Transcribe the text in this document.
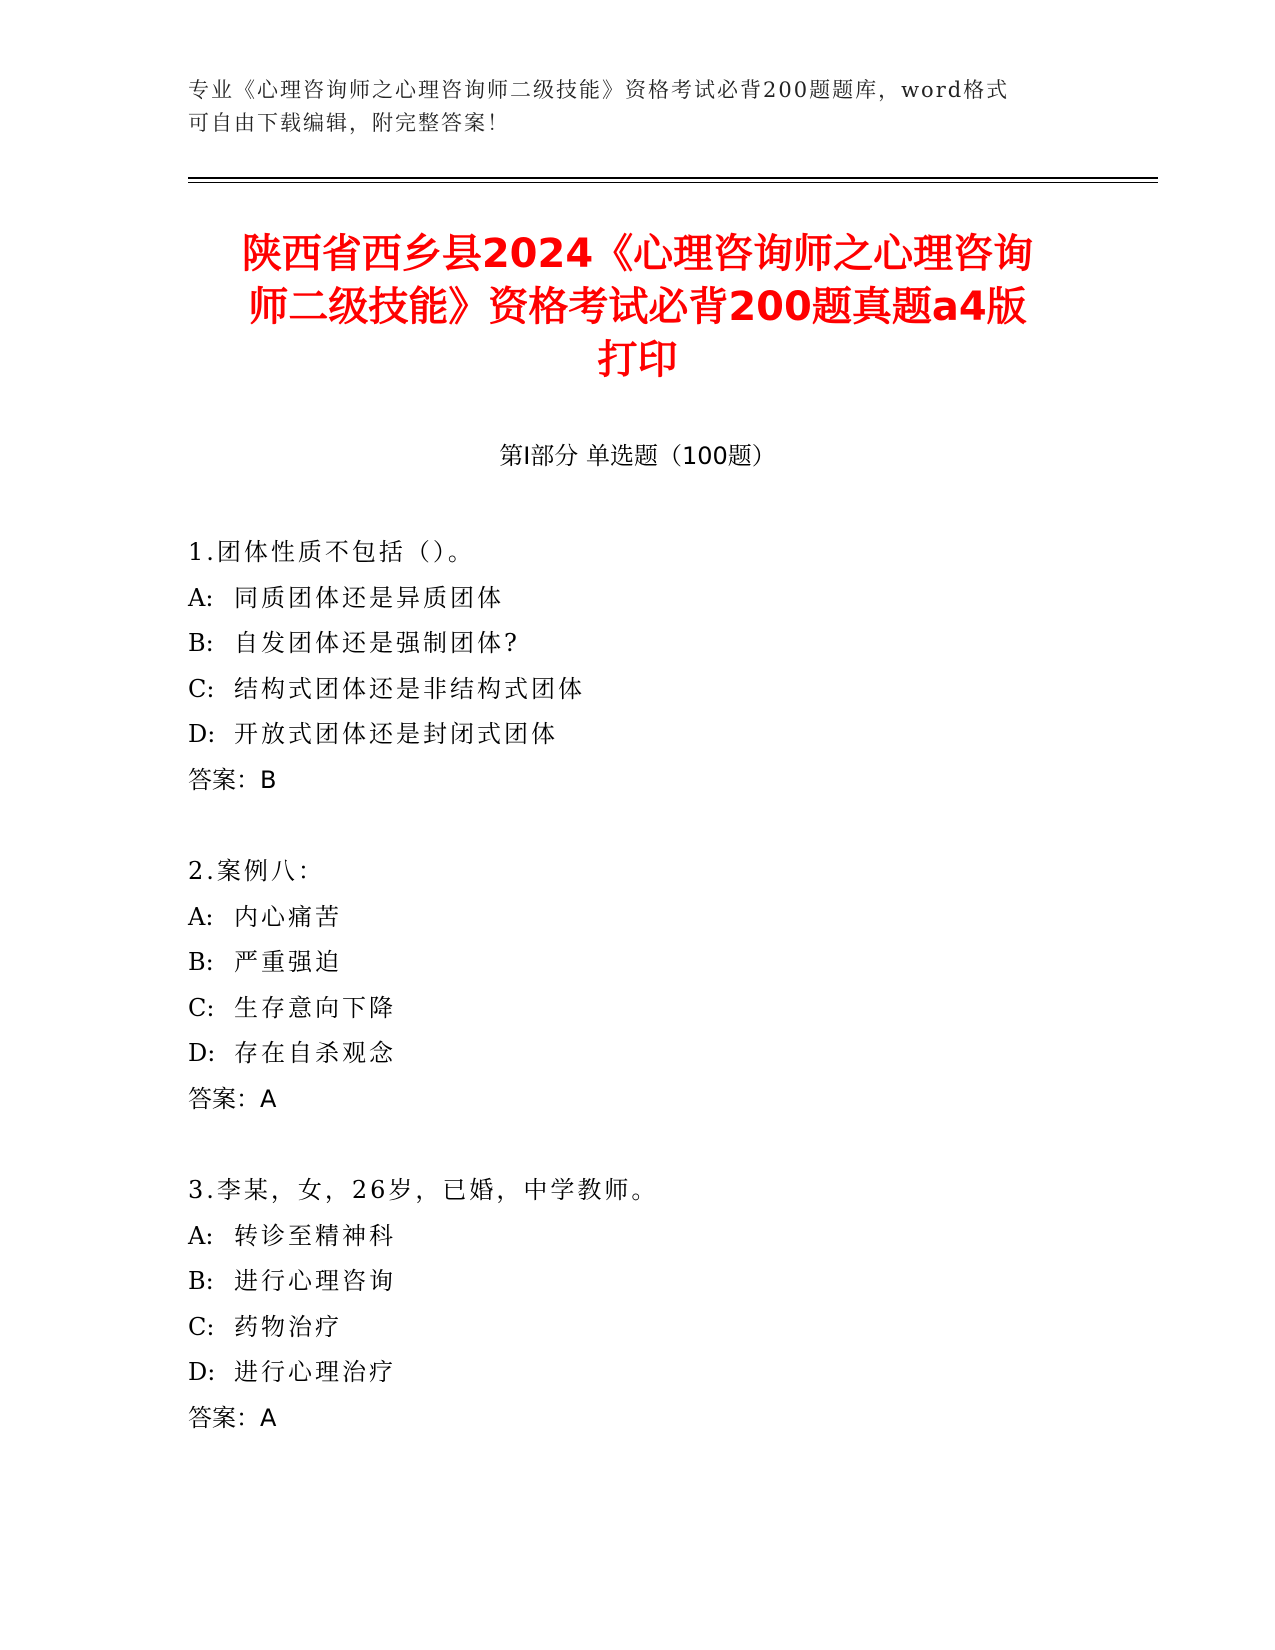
专业《心理咨询师之心理咨询师二级技能》资格考试必背200题题库，word格式
可自由下载编辑，附完整答案！
陕西省西乡县2024《心理咨询师之心理咨询
师二级技能》资格考试必背200题真题a4版
打印
第Ⅰ部分 单选题（100题）
1.团体性质不包括（）。
A: 同质团体还是异质团体
B: 自发团体还是强制团体?
C: 结构式团体还是非结构式团体
D: 开放式团体还是封闭式团体
答案：B
2.案例八：
A: 内心痛苦
B: 严重强迫
C: 生存意向下降
D: 存在自杀观念
答案：A
3.李某，女，26岁，已婚，中学教师。
A: 转诊至精神科
B: 进行心理咨询
C: 药物治疗
D: 进行心理治疗
答案：A
